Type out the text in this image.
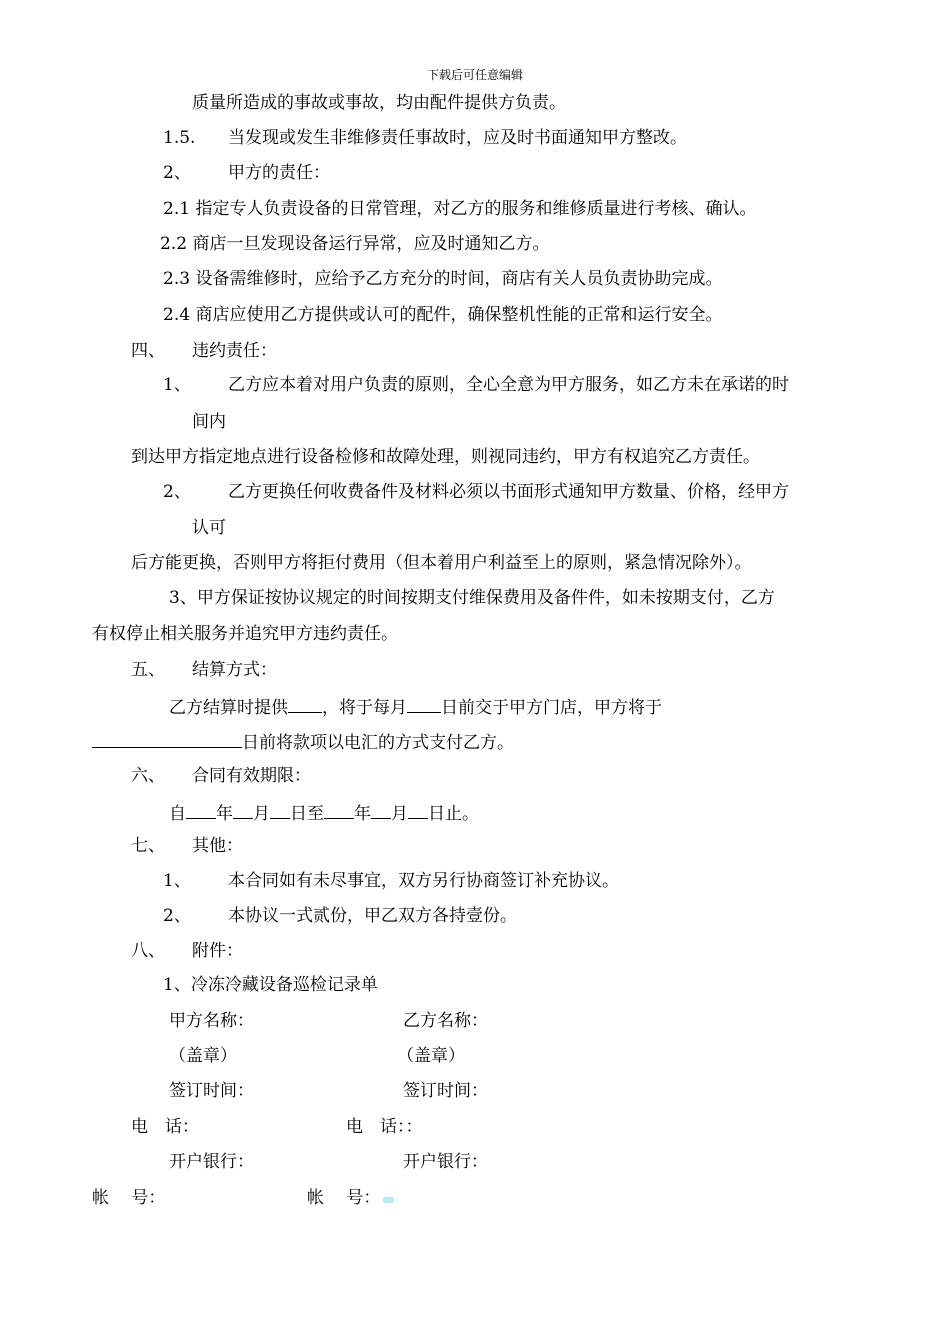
下载后可任意编辑
质量所造成的事故或事故，均由配件提供方负责。
1.5. 当发现或发生非维修责任事故时，应及时书面通知甲方整改。
2、 甲方的责任：
2.1 指定专人负责设备的日常管理，对乙方的服务和维修质量进行考核、确认。
2.2 商店一旦发现设备运行异常，应及时通知乙方。
2.3 设备需维修时，应给予乙方充分的时间，商店有关人员负责协助完成。
2.4 商店应使用乙方提供或认可的配件，确保整机性能的正常和运行安全。
四、 违约责任：
1、 乙方应本着对用户负责的原则，全心全意为甲方服务，如乙方未在承诺的时
间内
到达甲方指定地点进行设备检修和故障处理，则视同违约，甲方有权追究乙方责任。
2、 乙方更换任何收费备件及材料必须以书面形式通知甲方数量、价格，经甲方
认可
后方能更换，否则甲方将拒付费用（但本着用户利益至上的原则，紧急情况除外）。
3、甲方保证按协议规定的时间按期支付维保费用及备件件，如未按期支付，乙方
有权停止相关服务并追究甲方违约责任。
五、 结算方式：
乙方结算时提供 ，将于每月 日前交于甲方门店，甲方将于
日前将款项以电汇的方式支付乙方。
六、 合同有效期限：
自 年 月 日至 年 月 日止。
七、 其他：
1、 本合同如有未尽事宜，双方另行协商签订补充协议。
2、 本协议一式贰份，甲乙双方各持壹份。
八、 附件：
1、冷冻冷藏设备巡检记录单
甲方名称：	乙方名称：
（盖章）	（盖章）
签订时间：	签订时间：
电　话：	电　话：：
开户银行：	开户银行：
帐　 号：	帐　 号：
